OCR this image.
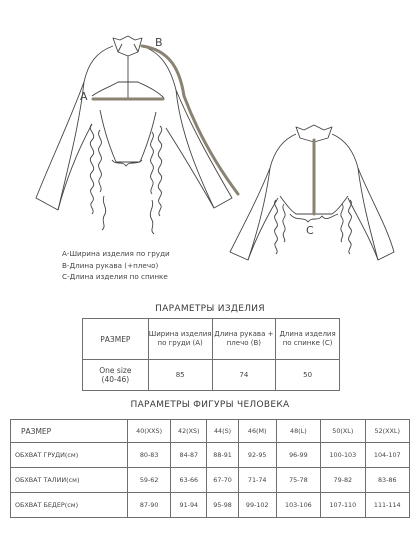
A
B
C
A-Ширина изделия по груди
B-Длина рукава (+плечо)
C-Длина изделия по спинке
ПАРАМЕТРЫ ИЗДЕЛИЯ
РАЗМЕР	Ширина изделия по груди (А)	Длина рукава + плечо (B)	Длина изделия по спинке (C)
One size (40-46)	85	74	50
ПАРАМЕТРЫ ФИГУРЫ ЧЕЛОВЕКА
РАЗМЕР	40(XXS)	42(XS)	44(S)	46(M)	48(L)	50(XL)	52(XXL)
ОБХВАТ ГРУДИ(см)	80-83	84-87	88-91	92-95	96-99	100-103	104-107
ОБХВАТ ТАЛИИ(см)	59-62	63-66	67-70	71-74	75-78	79-82	83-86
ОБХВАТ БЕДЕР(см)	87-90	91-94	95-98	99-102	103-106	107-110	111-114
